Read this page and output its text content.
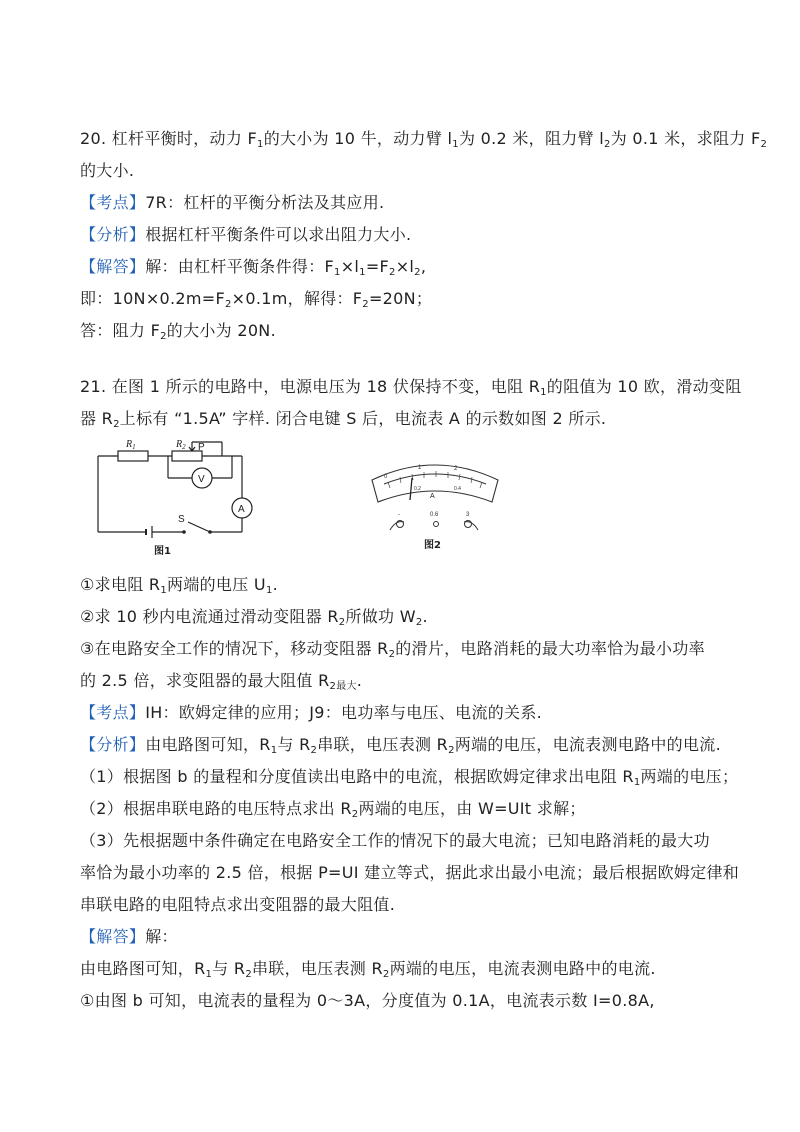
20. 杠杆平衡时，动力 $F_1$的大小为 10 牛，动力臂 $l_1$为 0.2 米，阻力臂 $l_2$为 0.1 米，求阻力 $F_2$
的大小.
【考点】7R：杠杆的平衡分析法及其应用.
【分析】根据杠杆平衡条件可以求出阻力大小.
【解答】解：由杠杆平衡条件得：$F_1\times l_1=F_2\times l_2$,
即：$10N\times 0.2m=F_2\times 0.1m$，解得：$F_2=20N$；
答：阻力 $F_2$的大小为 20N.
21. 在图 1 所示的电路中，电源电压为 18 伏保持不变，电阻 $R_1$的阻值为 10 欧，滑动变阻
器 $R_2$上标有 “1.5A” 字样. 闭合电键 S 后，电流表 A 的示数如图 2 所示.
$R_1$	$R_2$ P
V
A
S
图1
0
1	2
0.2	0.4
A
-	0.6	3
图2
①求电阻 $R_1$两端的电压 $U_1$.
②求 10 秒内电流通过滑动变阻器 $R_2$所做功 $W_2$.
③在电路安全工作的情况下，移动变阻器 $R_2$的滑片，电路消耗的最大功率恰为最小功率
的 2.5 倍，求变阻器的最大阻值 $R_{2最大}$.
【考点】IH：欧姆定律的应用；J9：电功率与电压、电流的关系.
【分析】由电路图可知，$R_1$与 $R_2$串联，电压表测 $R_2$两端的电压，电流表测电路中的电流.
（1）根据图 b 的量程和分度值读出电路中的电流，根据欧姆定律求出电阻 $R_1$两端的电压；
（2）根据串联电路的电压特点求出 $R_2$两端的电压，由 W=UIt 求解；
（3）先根据题中条件确定在电路安全工作的情况下的最大电流；已知电路消耗的最大功
率恰为最小功率的 2.5 倍，根据 P=UI 建立等式，据此求出最小电流；最后根据欧姆定律和
串联电路的电阻特点求出变阻器的最大阻值.
【解答】解：
由电路图可知，$R_1$与 $R_2$串联，电压表测 $R_2$两端的电压，电流表测电路中的电流.
①由图 b 可知，电流表的量程为 0～3A，分度值为 0.1A，电流表示数 I=0.8A,
